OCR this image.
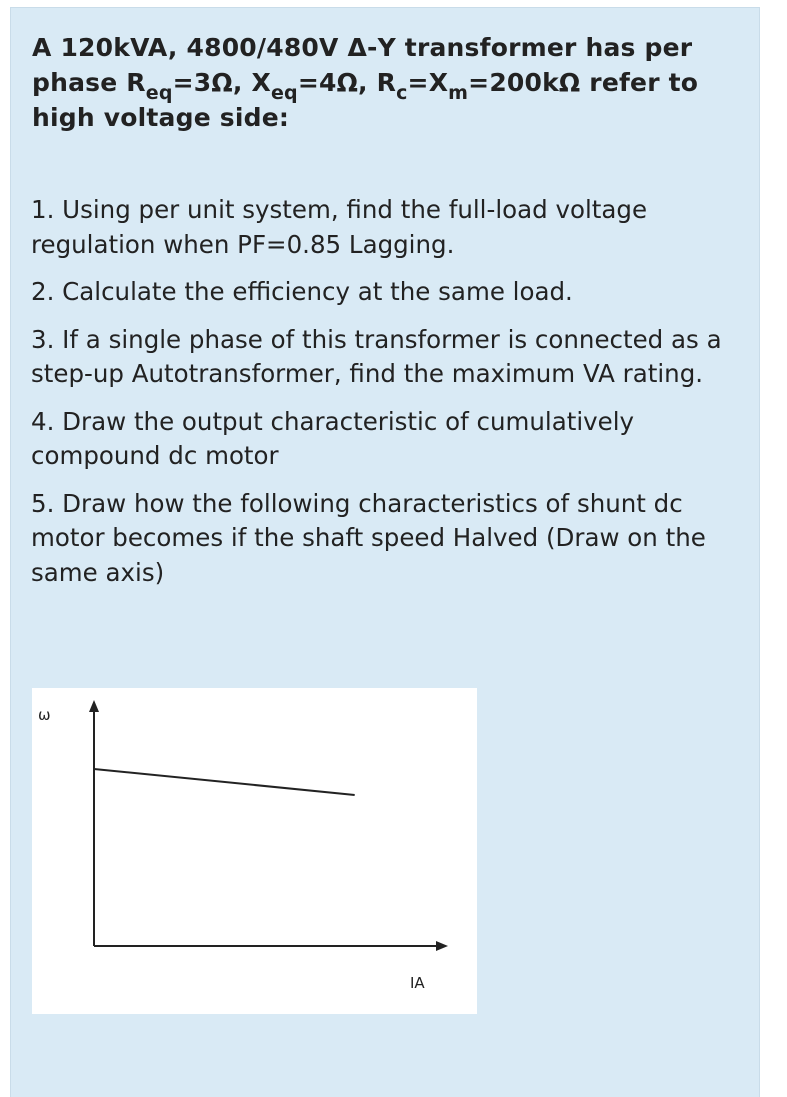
A 120kVA, 4800/480V Δ-Y transformer has per phase $R_{eq}=3\Omega$, $X_{eq}=4\Omega$, $R_c=X_m=200k\Omega$ refer to high voltage side:

1. Using per unit system, find the full-load voltage regulation when PF=0.85 Lagging.
2. Calculate the efficiency at the same load.
3. If a single phase of this transformer is connected as a step-up Autotransformer, find the maximum VA rating.
4. Draw the output characteristic of cumulatively compound dc motor
5. Draw how the following characteristics of shunt dc motor becomes if the shaft speed Halved (Draw on the same axis)
ω
IA
